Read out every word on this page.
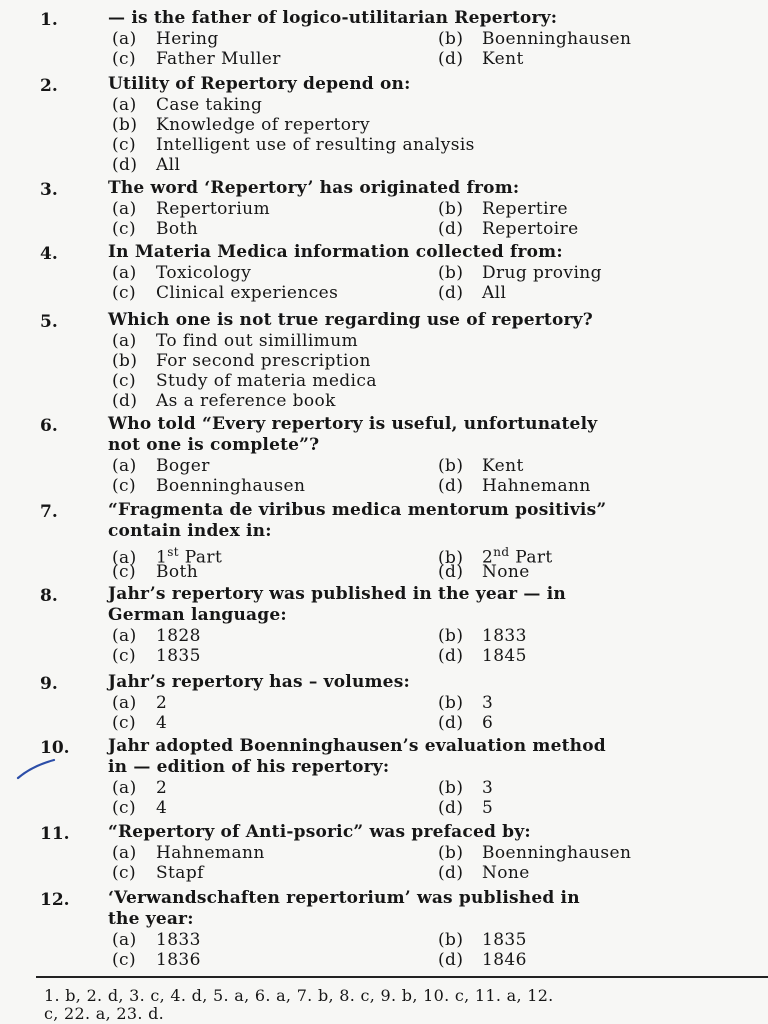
1.	— is the father of logico-utilitarian Repertory:
(a) Hering	(b) Boenninghausen
(c) Father Muller	(d) Kent
2.	Utility of Repertory depend on:
(a) Case taking
(b) Knowledge of repertory
(c) Intelligent use of resulting analysis
(d) All
3.	The word ‘Repertory’ has originated from:
(a) Repertorium	(b) Repertire
(c) Both	(d) Repertoire
4.	In Materia Medica information collected from:
(a) Toxicology	(b) Drug proving
(c) Clinical experiences	(d) All
5.	Which one is not true regarding use of repertory?
(a) To find out simillimum
(b) For second prescription
(c) Study of materia medica
(d) As a reference book
6.	Who told “Every repertory is useful, unfortunately
not one is complete”?
(a) Boger	(b) Kent
(c) Boenninghausen	(d) Hahnemann
7.	“Fragmenta de viribus medica mentorum positivis”
contain index in:
(a) 1st Part	(b) 2nd Part
(c) Both	(d) None
8.	Jahr’s repertory was published in the year — in
German language:
(a) 1828	(b) 1833
(c) 1835	(d) 1845
9.	Jahr’s repertory has – volumes:
(a) 2	(b) 3
(c) 4	(d) 6
10. Jahr adopted Boenninghausen’s evaluation method
in — edition of his repertory:
(a) 2	(b) 3
(c) 4	(d) 5
11. “Repertory of Anti-psoric” was prefaced by:
(a) Hahnemann	(b) Boenninghausen
(c) Stapf	(d) None
12. ‘Verwandschaften repertorium’ was published in
the year:
(a) 1833	(b) 1835
(c) 1836	(d) 1846
1. b, 2. d, 3. c, 4. d, 5. a, 6. a, 7. b, 8. c, 9. b, 10. c, 11. a, 12.
c, 22. a, 23. d.
